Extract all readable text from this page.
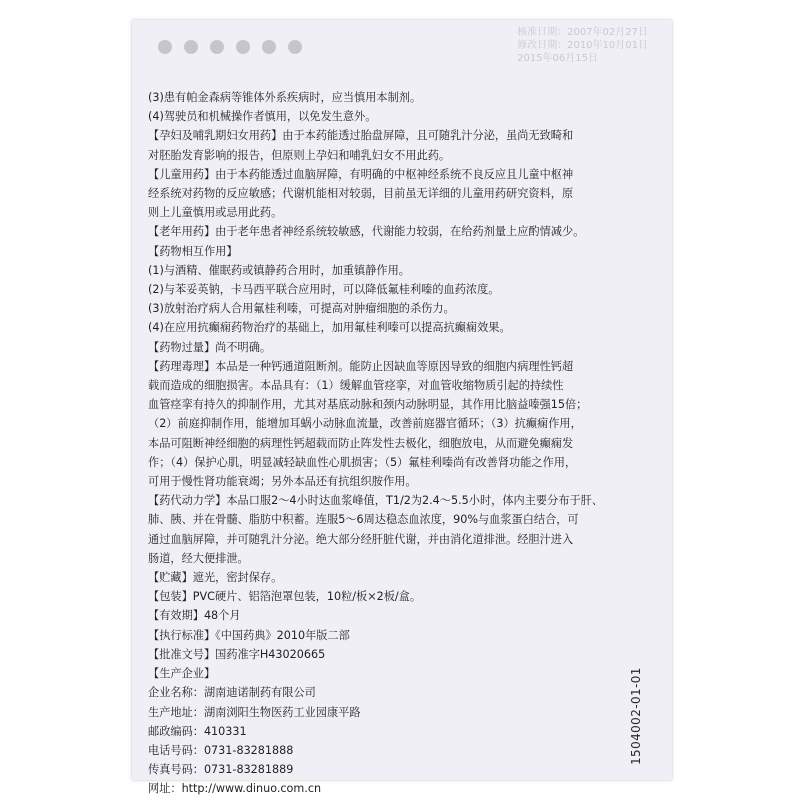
核准日期：2007年02月27日
修改日期：2010年10月01日
2015年06月15日

(3)患有帕金森病等锥体外系疾病时，应当慎用本制剂。

(4)驾驶员和机械操作者慎用，以免发生意外。

【孕妇及哺乳期妇女用药】由于本药能透过胎盘屏障，且可随乳汁分泌，虽尚无致畸和

对胚胎发育影响的报告，但原则上孕妇和哺乳妇女不用此药。

【儿童用药】由于本药能透过血脑屏障，有明确的中枢神经系统不良反应且儿童中枢神

经系统对药物的反应敏感；代谢机能相对较弱，目前虽无详细的儿童用药研究资料，原

则上儿童慎用或忌用此药。

【老年用药】由于老年患者神经系统较敏感，代谢能力较弱，在给药剂量上应酌情减少。

【药物相互作用】

(1)与酒精、催眠药或镇静药合用时，加重镇静作用。

(2)与苯妥英钠，卡马西平联合应用时，可以降低氟桂利嗪的血药浓度。

(3)放射治疗病人合用氟桂利嗪，可提高对肿瘤细胞的杀伤力。

(4)在应用抗癫痫药物治疗的基础上，加用氟桂利嗪可以提高抗癫痫效果。

【药物过量】尚不明确。

【药理毒理】本品是一种钙通道阻断剂。能防止因缺血等原因导致的细胞内病理性钙超

载而造成的细胞损害。本品具有：（1）缓解血管痉挛，对血管收缩物质引起的持续性

血管痉挛有持久的抑制作用，尤其对基底动脉和颈内动脉明显，其作用比脑益嗪强15倍；

（2）前庭抑制作用，能增加耳蜗小动脉血流量，改善前庭器官循环；（3）抗癫痫作用，

本品可阻断神经细胞的病理性钙超载而防止阵发性去极化，细胞放电，从而避免癫痫发

作；（4）保护心肌，明显减轻缺血性心肌损害；（5）氟桂利嗪尚有改善肾功能之作用，

可用于慢性肾功能衰竭；另外本品还有抗组织胺作用。

【药代动力学】本品口服2～4小时达血浆峰值，T1/2为2.4～5.5小时，体内主要分布于肝、

肺、胰、并在骨髓、脂肪中积蓄。连服5～6周达稳态血浓度，90%与血浆蛋白结合，可

通过血脑屏障，并可随乳汁分泌。绝大部分经肝脏代谢，并由消化道排泄。经胆汁进入

肠道，经大便排泄。

【贮藏】遮光，密封保存。

【包装】PVC硬片、铝箔泡罩包装，10粒/板×2板/盒。

【有效期】48个月

【执行标准】《中国药典》2010年版二部

【批准文号】国药准字H43020665

【生产企业】

企业名称：湖南迪诺制药有限公司

生产地址：湖南浏阳生物医药工业园康平路

邮政编码：410331

电话号码：0731-83281888

传真号码：0731-83281889

网址：http://www.dinuo.com.cn

1504002-01-01
